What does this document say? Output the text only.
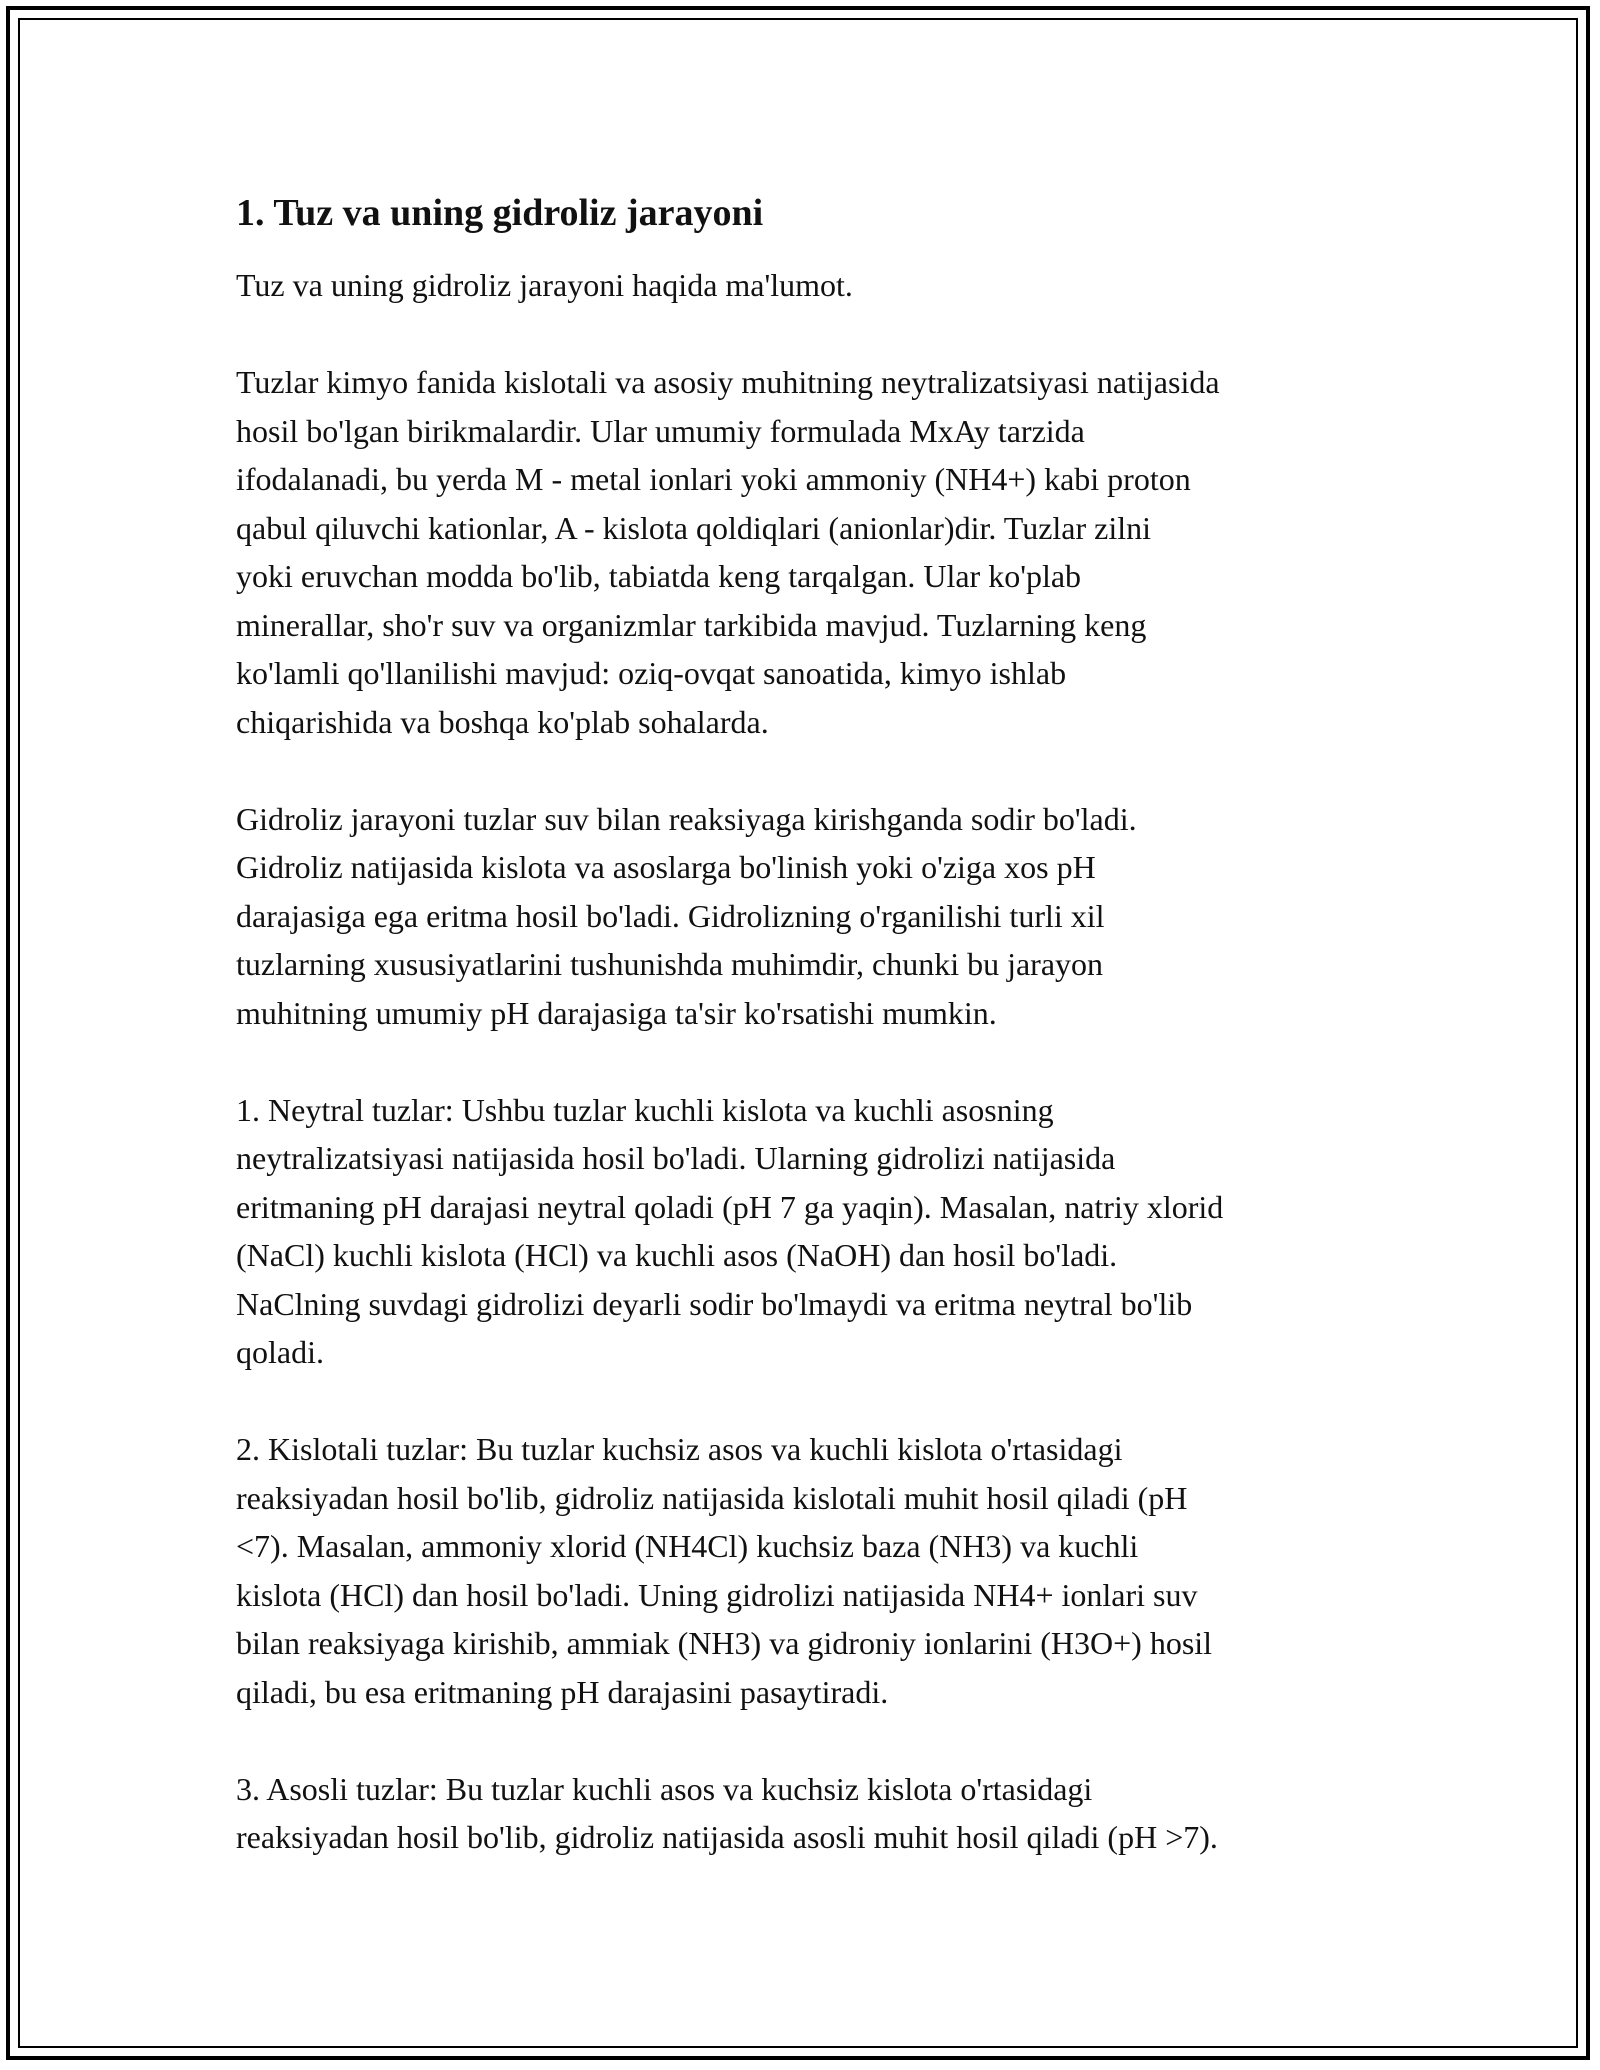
1. Tuz va uning gidroliz jarayoni

Tuz va uning gidroliz jarayoni haqida ma'lumot.

Tuzlar kimyo fanida kislotali va asosiy muhitning neytralizatsiyasi natijasida
hosil bo'lgan birikmalardir. Ular umumiy formulada MxAy tarzida
ifodalanadi, bu yerda M - metal ionlari yoki ammoniy (NH4+) kabi proton
qabul qiluvchi kationlar, A - kislota qoldiqlari (anionlar)dir. Tuzlar zilni
yoki eruvchan modda bo'lib, tabiatda keng tarqalgan. Ular ko'plab
minerallar, sho'r suv va organizmlar tarkibida mavjud. Tuzlarning keng
ko'lamli qo'llanilishi mavjud: oziq-ovqat sanoatida, kimyo ishlab
chiqarishida va boshqa ko'plab sohalarda.

Gidroliz jarayoni tuzlar suv bilan reaksiyaga kirishganda sodir bo'ladi.
Gidroliz natijasida kislota va asoslarga bo'linish yoki o'ziga xos pH
darajasiga ega eritma hosil bo'ladi. Gidrolizning o'rganilishi turli xil
tuzlarning xususiyatlarini tushunishda muhimdir, chunki bu jarayon
muhitning umumiy pH darajasiga ta'sir ko'rsatishi mumkin.

1. Neytral tuzlar: Ushbu tuzlar kuchli kislota va kuchli asosning
neytralizatsiyasi natijasida hosil bo'ladi. Ularning gidrolizi natijasida
eritmaning pH darajasi neytral qoladi (pH 7 ga yaqin). Masalan, natriy xlorid
(NaCl) kuchli kislota (HCl) va kuchli asos (NaOH) dan hosil bo'ladi.
NaClning suvdagi gidrolizi deyarli sodir bo'lmaydi va eritma neytral bo'lib
qoladi.

2. Kislotali tuzlar: Bu tuzlar kuchsiz asos va kuchli kislota o'rtasidagi
reaksiyadan hosil bo'lib, gidroliz natijasida kislotali muhit hosil qiladi (pH
<7). Masalan, ammoniy xlorid (NH4Cl) kuchsiz baza (NH3) va kuchli
kislota (HCl) dan hosil bo'ladi. Uning gidrolizi natijasida NH4+ ionlari suv
bilan reaksiyaga kirishib, ammiak (NH3) va gidroniy ionlarini (H3O+) hosil
qiladi, bu esa eritmaning pH darajasini pasaytiradi.

3. Asosli tuzlar: Bu tuzlar kuchli asos va kuchsiz kislota o'rtasidagi
reaksiyadan hosil bo'lib, gidroliz natijasida asosli muhit hosil qiladi (pH >7).
